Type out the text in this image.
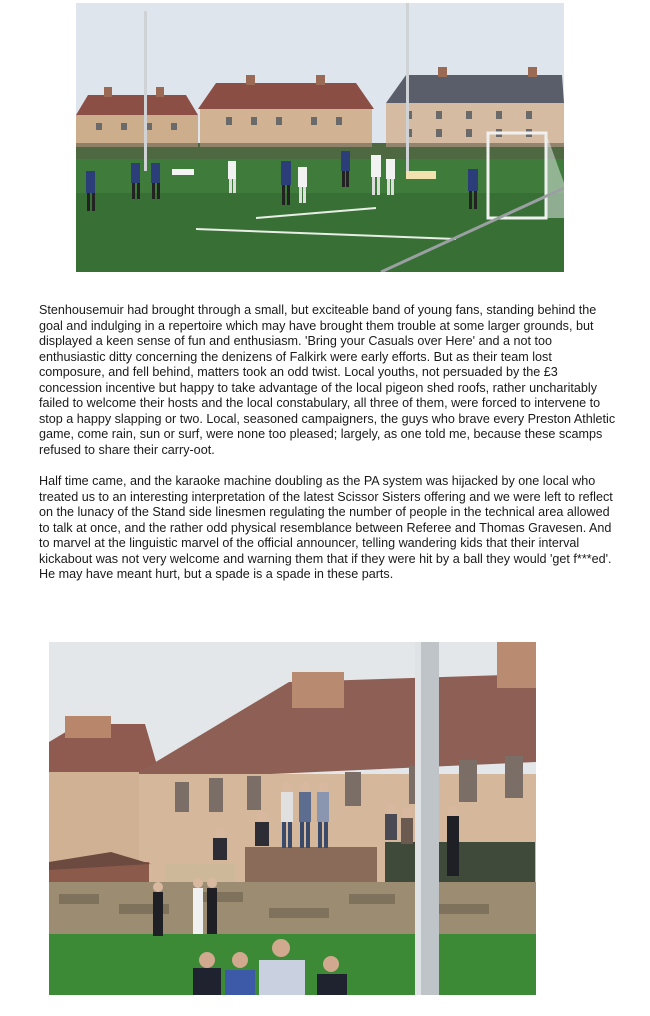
Stenhousemuir had brought through a small, but exciteable band of young fans, standing behind the goal and indulging in a repertoire which may have brought them trouble at some larger grounds, but displayed a keen sense of fun and enthusiasm. 'Bring your Casuals over Here' and a not too enthusiastic ditty concerning the denizens of Falkirk were early efforts. But as their team lost composure, and fell behind, matters took an odd twist. Local youths, not persuaded by the £3 concession incentive but happy to take advantage of the local pigeon shed roofs, rather uncharitably failed to welcome their hosts and the local constabulary, all three of them, were forced to intervene to stop a happy slapping or two. Local, seasoned campaigners, the guys who brave every Preston Athletic game, come rain, sun or surf, were none too pleased; largely, as one told me, because these scamps refused to share their carry-oot.

Half time came, and the karaoke machine doubling as the PA system was hijacked by one local who treated us to an interesting interpretation of the latest Scissor Sisters offering and we were left to reflect on the lunacy of the Stand side linesmen regulating the number of people in the technical area allowed to talk at once, and the rather odd physical resemblance between Referee and Thomas Gravesen. And to marvel at the linguistic marvel of the official announcer, telling wandering kids that their interval kickabout was not very welcome and warning them that if they were hit by a ball they would 'get f***ed'. He may have meant hurt, but a spade is a spade in these parts.
